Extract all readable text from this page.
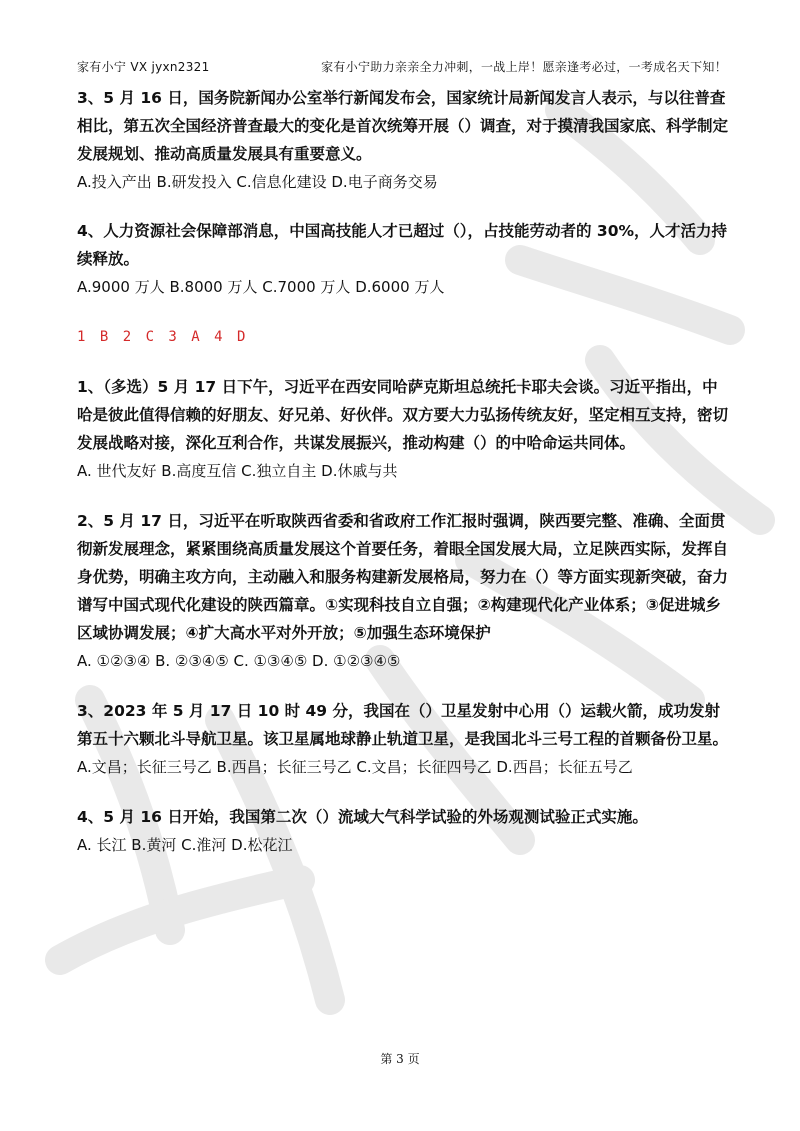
家有小宁
家有小宁 VX jyxn2321	家有小宁助力亲亲全力冲刺，一战上岸！愿亲逢考必过，一考成名天下知！

3、5 月 16 日，国务院新闻办公室举行新闻发布会，国家统计局新闻发言人表示，与以往普查相比，第五次全国经济普查最大的变化是首次统筹开展（）调查，对于摸清我国家底、科学制定发展规划、推动高质量发展具有重要意义。

A.投入产出 B.研发投入 C.信息化建设 D.电子商务交易

4、人力资源社会保障部消息，中国高技能人才已超过（），占技能劳动者的 30%，人才活力持续释放。

A.9000 万人 B.8000 万人 C.7000 万人 D.6000 万人

1 B 2 C 3 A 4 D

1、（多选）5 月 17 日下午，习近平在西安同哈萨克斯坦总统托卡耶夫会谈。习近平指出，中哈是彼此值得信赖的好朋友、好兄弟、好伙伴。双方要大力弘扬传统友好，坚定相互支持，密切发展战略对接，深化互利合作，共谋发展振兴，推动构建（）的中哈命运共同体。

A. 世代友好 B.高度互信 C.独立自主 D.休戚与共

2、5 月 17 日，习近平在听取陕西省委和省政府工作汇报时强调，陕西要完整、准确、全面贯彻新发展理念，紧紧围绕高质量发展这个首要任务，着眼全国发展大局，立足陕西实际，发挥自身优势，明确主攻方向，主动融入和服务构建新发展格局，努力在（）等方面实现新突破，奋力谱写中国式现代化建设的陕西篇章。①实现科技自立自强；②构建现代化产业体系；③促进城乡区域协调发展；④扩大高水平对外开放；⑤加强生态环境保护

A. ①②③④ B. ②③④⑤ C. ①③④⑤ D. ①②③④⑤

3、2023 年 5 月 17 日 10 时 49 分，我国在（）卫星发射中心用（）运载火箭，成功发射第五十六颗北斗导航卫星。该卫星属地球静止轨道卫星，是我国北斗三号工程的首颗备份卫星。

A.文昌；长征三号乙 B.西昌；长征三号乙 C.文昌；长征四号乙 D.西昌；长征五号乙

4、5 月 16 日开始，我国第二次（）流域大气科学试验的外场观测试验正式实施。

A. 长江 B.黄河 C.淮河 D.松花江

第 3 页
